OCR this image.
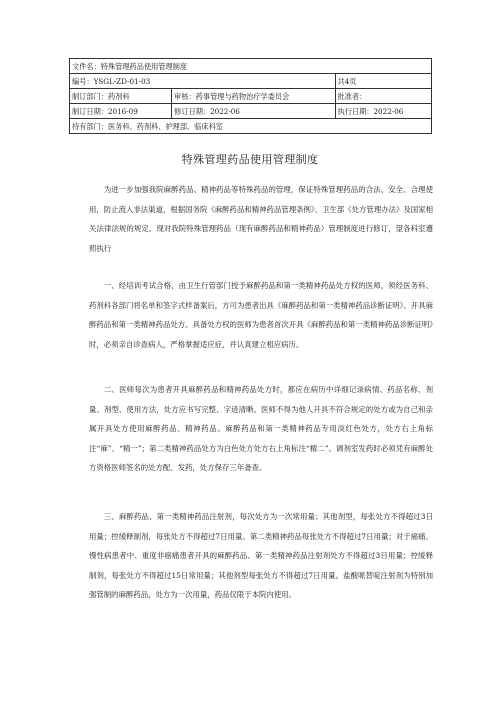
文件名：特殊管理药品使用管理制度		
编号：YSGL-ZD-01-03		共4页
制订部门：药剂科	审核：药事管理与药物治疗学委员会	批准者：
制订日期：2016-09	修订日期：2022-06	执行日期：2022-06
持有部门：医务科、药剂科、护理部、临床科室		
特殊管理药品使用管理制度

为进一步加强我院麻醉药品、精神药品等特殊药品的管理，保证特殊管理药品的合法、安全、合理使用，防止流入非法渠道，根据国务院《麻醉药品和精神药品管理条例》、卫生部《处方管理办法》及国家相关法律法规的规定、现对我院特殊管理药品（现有麻醉药品和精神药品）管理制度进行修订，望各科室遵照执行

一、经培训考试合格，由卫生行管部门授予麻醉药品和第一类精神药品处方权的医师，须经医务科、药剂科各部门将名单和签字式样备案后，方可为患者出具《麻醉药品和第一类精神药品诊断证明》、开具麻醉药品和第一类精神药品处方。具备处方权的医师为患者首次开具《麻醉药品和第一类精神药品诊断证明》时，必须亲自诊查病人，严格掌握适应症，并认真建立相应病历。

二、医师每次为患者开具麻醉药品和精神药品处方时，都应在病历中详细记录病情、药品名称、剂量、剂型、使用方法，处方应书写完整、字迹清晰。医师不得为他人开具不符合规定的处方或为自己和亲属开具处方使用麻醉药品、精神药品。麻醉药品和第一类精神药品专用淡红色处方，处方右上角标注“麻”、“精一”；第二类精神药品处方为白色处方处方右上角标注“精二”。调剂室发药时必须凭有麻醉处方资格医师签名的处方配、发药，处方保存三年备查。

三、麻醉药品、第一类精神药品注射剂，每次处方为一次常用量；其他剂型，每张处方不得超过3日用量；控缓释制剂，每张处方不得超过7日用量。第二类精神药品每张处方不得超过7日用量；对于癌痛、慢性病患者中、重度非癌痛患者开具的麻醉药品、第一类精神药品注射剂处方不得超过3日用量；控缓释制剂，每张处方不得超过15日常用量；其他剂型每张处方不得超过7日用量。盐酸哌替啶注射剂为特别加强管制的麻醉药品，处方为一次用量，药品仅限于本院内使用。
